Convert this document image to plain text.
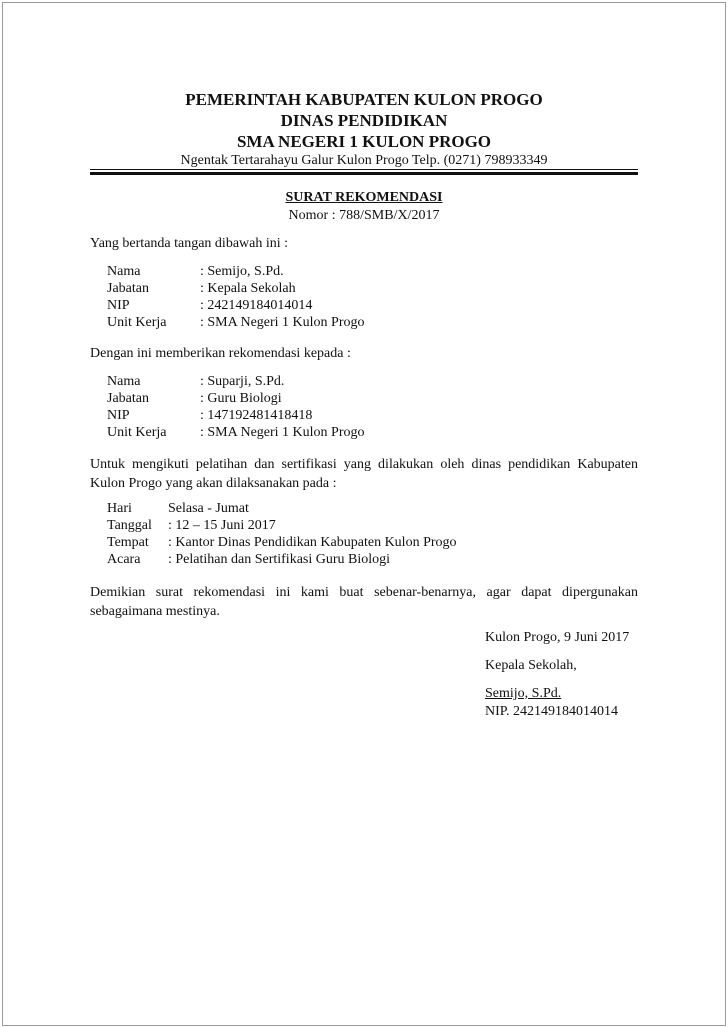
PEMERINTAH KABUPATEN KULON PROGO
DINAS PENDIDIKAN
SMA NEGERI 1 KULON PROGO
Ngentak Tertarahayu Galur Kulon Progo Telp. (0271) 798933349
SURAT REKOMENDASI
Nomor : 788/SMB/X/2017
Yang bertanda tangan dibawah ini :
Nama	: Semijo, S.Pd.
Jabatan	: Kepala Sekolah
NIP	: 242149184014014
Unit Kerja : SMA Negeri 1 Kulon Progo
Dengan ini memberikan rekomendasi kepada :
Nama	: Suparji, S.Pd.
Jabatan	: Guru Biologi
NIP	: 147192481418418
Unit Kerja : SMA Negeri 1 Kulon Progo
Untuk mengikuti pelatihan dan sertifikasi yang dilakukan oleh dinas pendidikan Kabupaten Kulon Progo yang akan dilaksanakan pada :
Hari	Selasa - Jumat
Tanggal : 12 – 15 Juni 2017
Tempat : Kantor Dinas Pendidikan Kabupaten Kulon Progo
Acara : Pelatihan dan Sertifikasi Guru Biologi
Demikian surat rekomendasi ini kami buat sebenar-benarnya, agar dapat dipergunakan sebagaimana mestinya.
Kulon Progo, 9 Juni 2017
Kepala Sekolah,
Semijo, S.Pd.
NIP. 242149184014014
